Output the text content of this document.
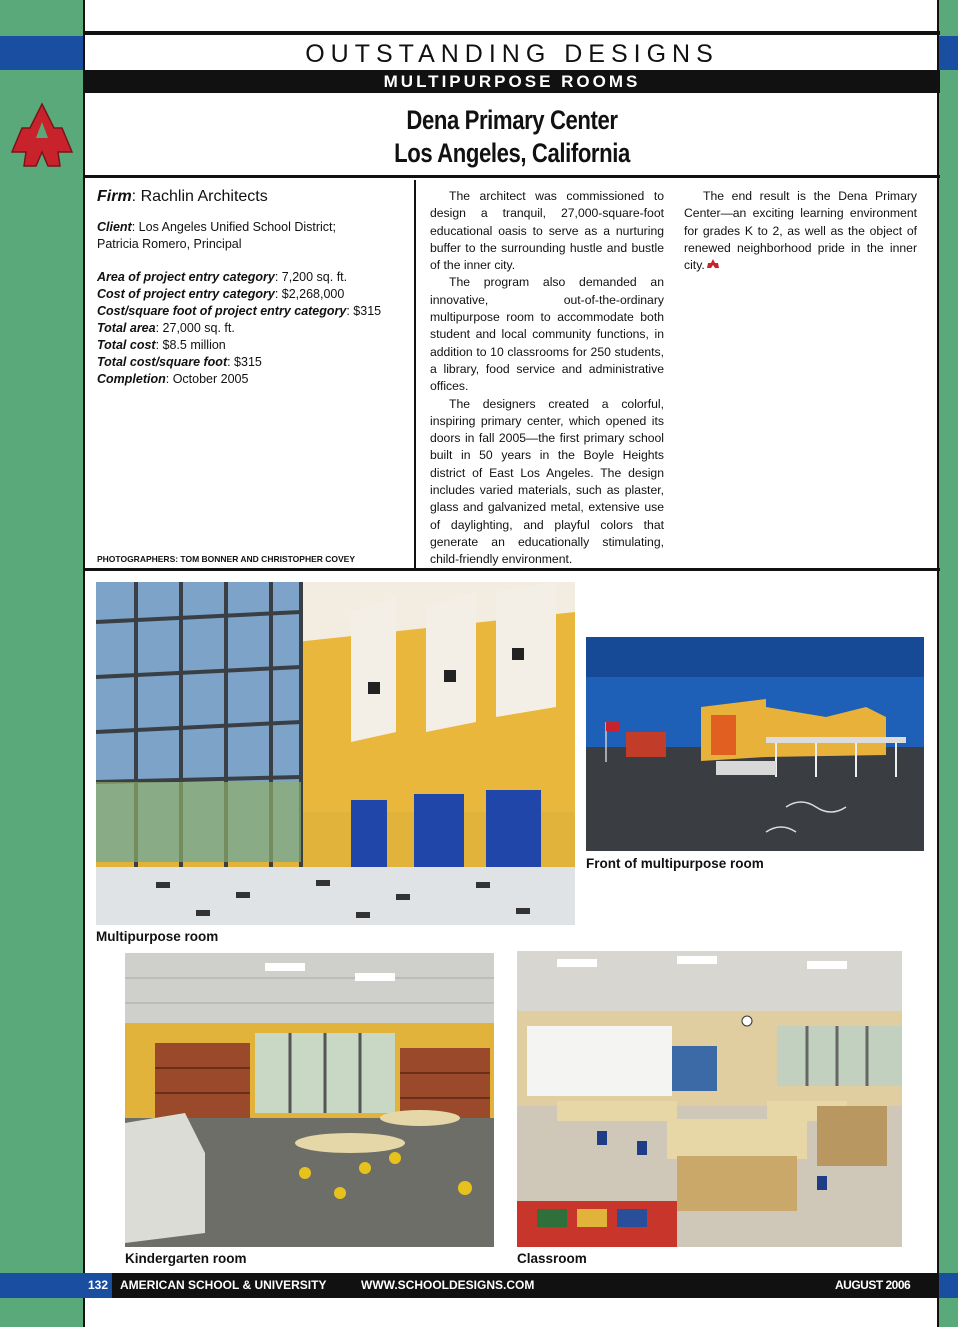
OUTSTANDING DESIGNS
MULTIPURPOSE ROOMS
Dena Primary Center
Los Angeles, California
Firm: Rachlin Architects
Client: Los Angeles Unified School District;
Patricia Romero, Principal
Area of project entry category: 7,200 sq. ft.
Cost of project entry category: $2,268,000
Cost/square foot of project entry category: $315
Total area: 27,000 sq. ft.
Total cost: $8.5 million
Total cost/square foot: $315
Completion: October 2005
PHOTOGRAPHERS: TOM BONNER AND CHRISTOPHER COVEY

The architect was commissioned to design a tranquil, 27,000-square-foot educational oasis to serve as a nurturing buffer to the surrounding hustle and bustle of the inner city.

The program also demanded an innovative, out-of-the-ordinary multipurpose room to accommodate both student and local community functions, in addition to 10 classrooms for 250 students, a library, food service and administrative offices.

The designers created a colorful, inspiring primary center, which opened its doors in fall 2005—the first primary school built in 50 years in the Boyle Heights district of East Los Angeles. The design includes varied materials, such as plaster, glass and galvanized metal, extensive use of daylighting, and playful colors that generate an educationally stimulating, child-friendly environment.

The end result is the Dena Primary Center—an exciting learning environment for grades K to 2, as well as the object of renewed neighborhood pride in the inner city.

Multipurpose room
Front of multipurpose room
Kindergarten room	Classroom
132 AMERICAN SCHOOL & UNIVERSITY	WWW.SCHOOLDESIGNS.COM	AUGUST 2006
